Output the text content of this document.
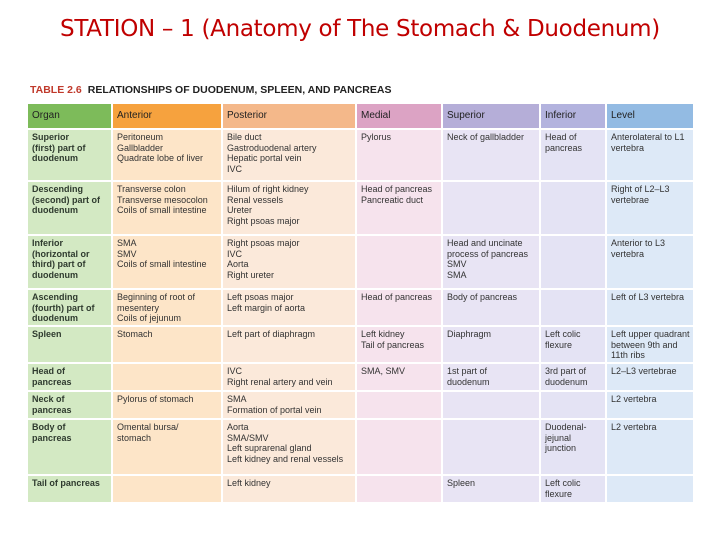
STATION – 1 (Anatomy of The Stomach & Duodenum)
TABLE 2.6 RELATIONSHIPS OF DUODENUM, SPLEEN, AND PANCREAS
Organ	Anterior	Posterior	Medial	Superior	Inferior	Level

Superior
(first) part of
duodenum	Peritoneum
Gallbladder
Quadrate lobe of liver	Bile duct
Gastroduodenal artery
Hepatic portal vein
IVC	Pylorus	Neck of gallbladder	Head of
pancreas	Anterolateral to L1
vertebra

Descending
(second) part of
duodenum	Transverse colon
Transverse mesocolon
Coils of small intestine	Hilum of right kidney
Renal vessels
Ureter
Right psoas major	Head of pancreas
Pancreatic duct			Right of L2–L3
vertebrae

Inferior
(horizontal or
third) part of
duodenum	SMA
SMV
Coils of small intestine	Right psoas major
IVC
Aorta
Right ureter		Head and uncinate
process of pancreas
SMV
SMA		Anterior to L3
vertebra

Ascending
(fourth) part of
duodenum	Beginning of root of
mesentery
Coils of jejunum	Left psoas major
Left margin of aorta	Head of pancreas	Body of pancreas		Left of L3 vertebra

Spleen	Stomach	Left part of diaphragm	Left kidney
Tail of pancreas	Diaphragm	Left colic
flexure	Left upper quadrant
between 9th and
11th ribs

Head of
pancreas		IVC
Right renal artery and vein	SMA, SMV	1st part of
duodenum	3rd part of
duodenum	L2–L3 vertebrae

Neck of
pancreas	Pylorus of stomach	SMA
Formation of portal vein				L2 vertebra

Body of
pancreas	Omental bursa/
stomach	Aorta
SMA/SMV
Left suprarenal gland
Left kidney and renal vessels			Duodenal-
jejunal
junction	L2 vertebra

Tail of pancreas		Left kidney		Spleen	Left colic
flexure	
